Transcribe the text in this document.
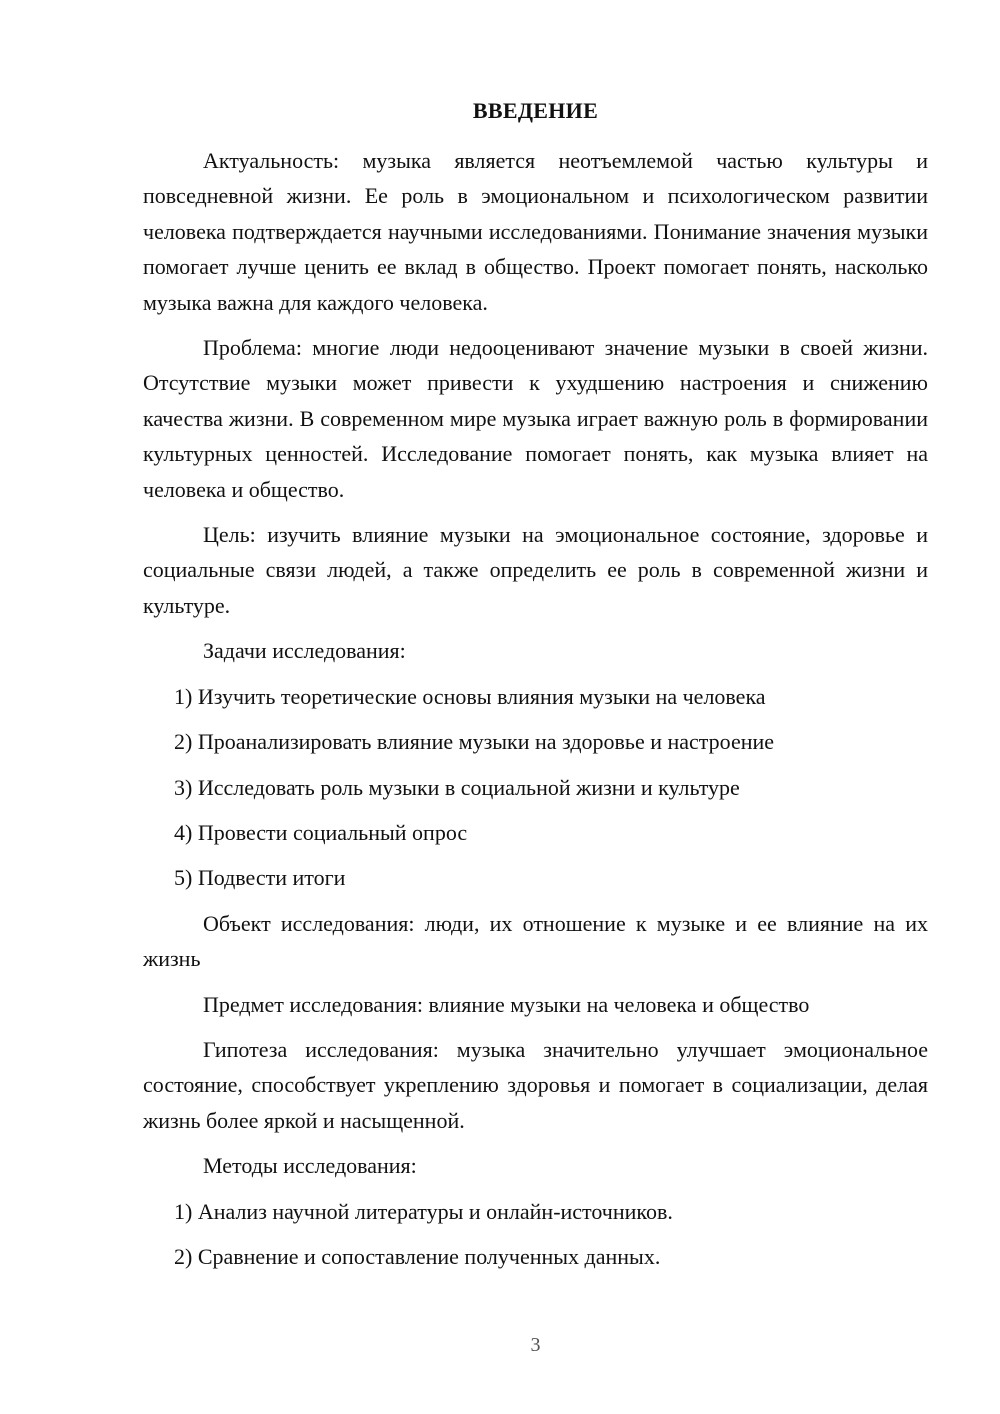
ВВЕДЕНИЕ

Актуальность: музыка является неотъемлемой частью культуры и повседневной жизни. Ее роль в эмоциональном и психологическом развитии человека подтверждается научными исследованиями. Понимание значения музыки помогает лучше ценить ее вклад в общество. Проект помогает понять, насколько музыка важна для каждого человека.

Проблема: многие люди недооценивают значение музыки в своей жизни. Отсутствие музыки может привести к ухудшению настроения и снижению качества жизни. В современном мире музыка играет важную роль в формировании культурных ценностей. Исследование помогает понять, как музыка влияет на человека и общество.

Цель: изучить влияние музыки на эмоциональное состояние, здоровье и социальные связи людей, а также определить ее роль в современной жизни и культуре.

Задачи исследования:

1) Изучить теоретические основы влияния музыки на человека

2) Проанализировать влияние музыки на здоровье и настроение

3) Исследовать роль музыки в социальной жизни и культуре

4) Провести социальный опрос

5) Подвести итоги

Объект исследования: люди, их отношение к музыке и ее влияние на их жизнь

Предмет исследования: влияние музыки на человека и общество

Гипотеза исследования: музыка значительно улучшает эмоциональное состояние, способствует укреплению здоровья и помогает в социализации, делая жизнь более яркой и насыщенной.

Методы исследования:

1) Анализ научной литературы и онлайн-источников.

2) Сравнение и сопоставление полученных данных.

3
